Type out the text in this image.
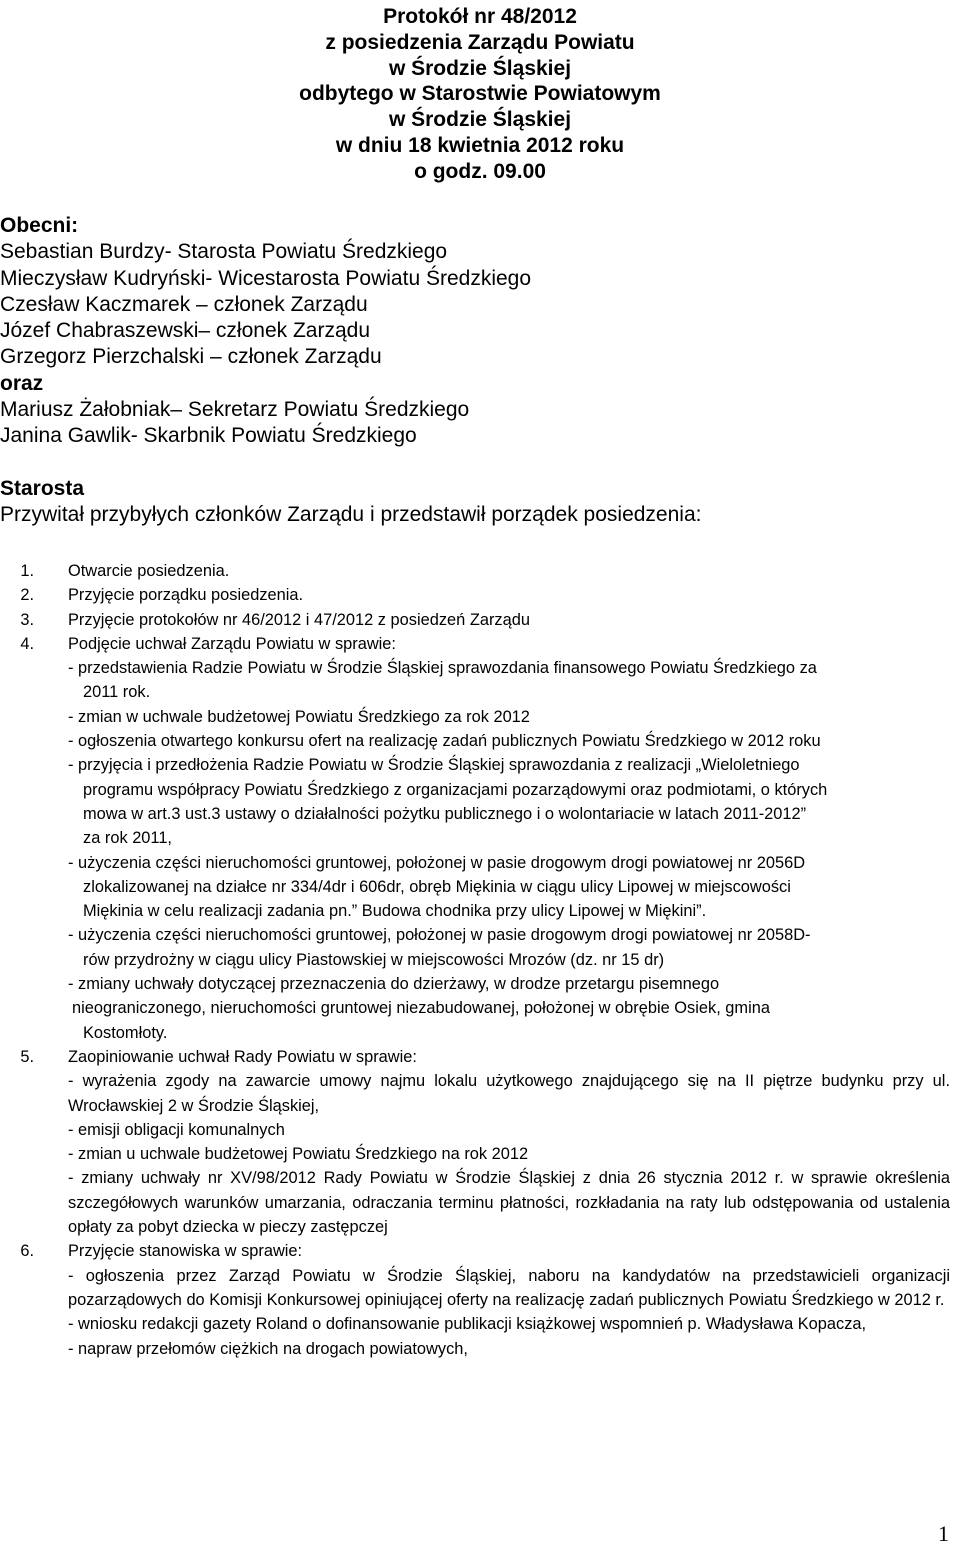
Protokół nr 48/2012
z posiedzenia Zarządu Powiatu
w Środzie Śląskiej
odbytego w Starostwie Powiatowym
w Środzie Śląskiej
w dniu 18 kwietnia 2012 roku
o godz. 09.00
Obecni:
Sebastian Burdzy- Starosta Powiatu Średzkiego
Mieczysław Kudryński- Wicestarosta Powiatu Średzkiego
Czesław Kaczmarek – członek Zarządu
Józef Chabraszewski– członek Zarządu
Grzegorz Pierzchalski – członek Zarządu
oraz
Mariusz Żałobniak– Sekretarz Powiatu Średzkiego
Janina Gawlik- Skarbnik Powiatu Średzkiego
Starosta
Przywitał przybyłych członków Zarządu i przedstawił porządek posiedzenia:
1.	Otwarcie posiedzenia.
2.	Przyjęcie porządku posiedzenia.
3.	Przyjęcie protokołów nr 46/2012 i 47/2012 z posiedzeń Zarządu
4.	Podjęcie uchwał Zarządu Powiatu w sprawie:
- przedstawienia Radzie Powiatu w Środzie Śląskiej sprawozdania finansowego Powiatu Średzkiego za
2011 rok.
- zmian w uchwale budżetowej Powiatu Średzkiego za rok 2012
- ogłoszenia otwartego konkursu ofert na realizację zadań publicznych Powiatu Średzkiego w 2012 roku
- przyjęcia i przedłożenia Radzie Powiatu w Środzie Śląskiej sprawozdania z realizacji „Wieloletniego
programu współpracy Powiatu Średzkiego z organizacjami pozarządowymi oraz podmiotami, o których
mowa w art.3 ust.3 ustawy o działalności pożytku publicznego i o wolontariacie w latach 2011-2012”
za rok 2011,
- użyczenia części nieruchomości gruntowej, położonej w pasie drogowym drogi powiatowej nr 2056D
zlokalizowanej na działce nr 334/4dr i 606dr, obręb Miękinia w ciągu ulicy Lipowej w miejscowości
Miękinia w celu realizacji zadania pn.” Budowa chodnika przy ulicy Lipowej w Miękini”.
- użyczenia części nieruchomości gruntowej, położonej w pasie drogowym drogi powiatowej nr 2058D-
rów przydrożny w ciągu ulicy Piastowskiej w miejscowości Mrozów (dz. nr 15 dr)
- zmiany uchwały dotyczącej przeznaczenia do dzierżawy, w drodze przetargu pisemnego
nieograniczonego, nieruchomości gruntowej niezabudowanej, położonej w obrębie Osiek, gmina
Kostomłoty.
5.	Zaopiniowanie uchwał Rady Powiatu w sprawie:
- wyrażenia zgody na zawarcie umowy najmu lokalu użytkowego znajdującego się na II piętrze budynku przy ul. Wrocławskiej 2 w Środzie Śląskiej,
- emisji obligacji komunalnych
- zmian u uchwale budżetowej Powiatu Średzkiego na rok 2012
- zmiany uchwały nr XV/98/2012 Rady Powiatu w Środzie Śląskiej z dnia 26 stycznia 2012 r. w sprawie określenia szczegółowych warunków umarzania, odraczania terminu płatności, rozkładania na raty lub odstępowania od ustalenia opłaty za pobyt dziecka w pieczy zastępczej
6.	Przyjęcie stanowiska w sprawie:
- ogłoszenia przez Zarząd Powiatu w Środzie Śląskiej, naboru na kandydatów na przedstawicieli organizacji pozarządowych do Komisji Konkursowej opiniującej oferty na realizację zadań publicznych Powiatu Średzkiego w 2012 r.
- wniosku redakcji gazety Roland o dofinansowanie publikacji książkowej wspomnień p. Władysława Kopacza,
- napraw przełomów ciężkich na drogach powiatowych,
1
